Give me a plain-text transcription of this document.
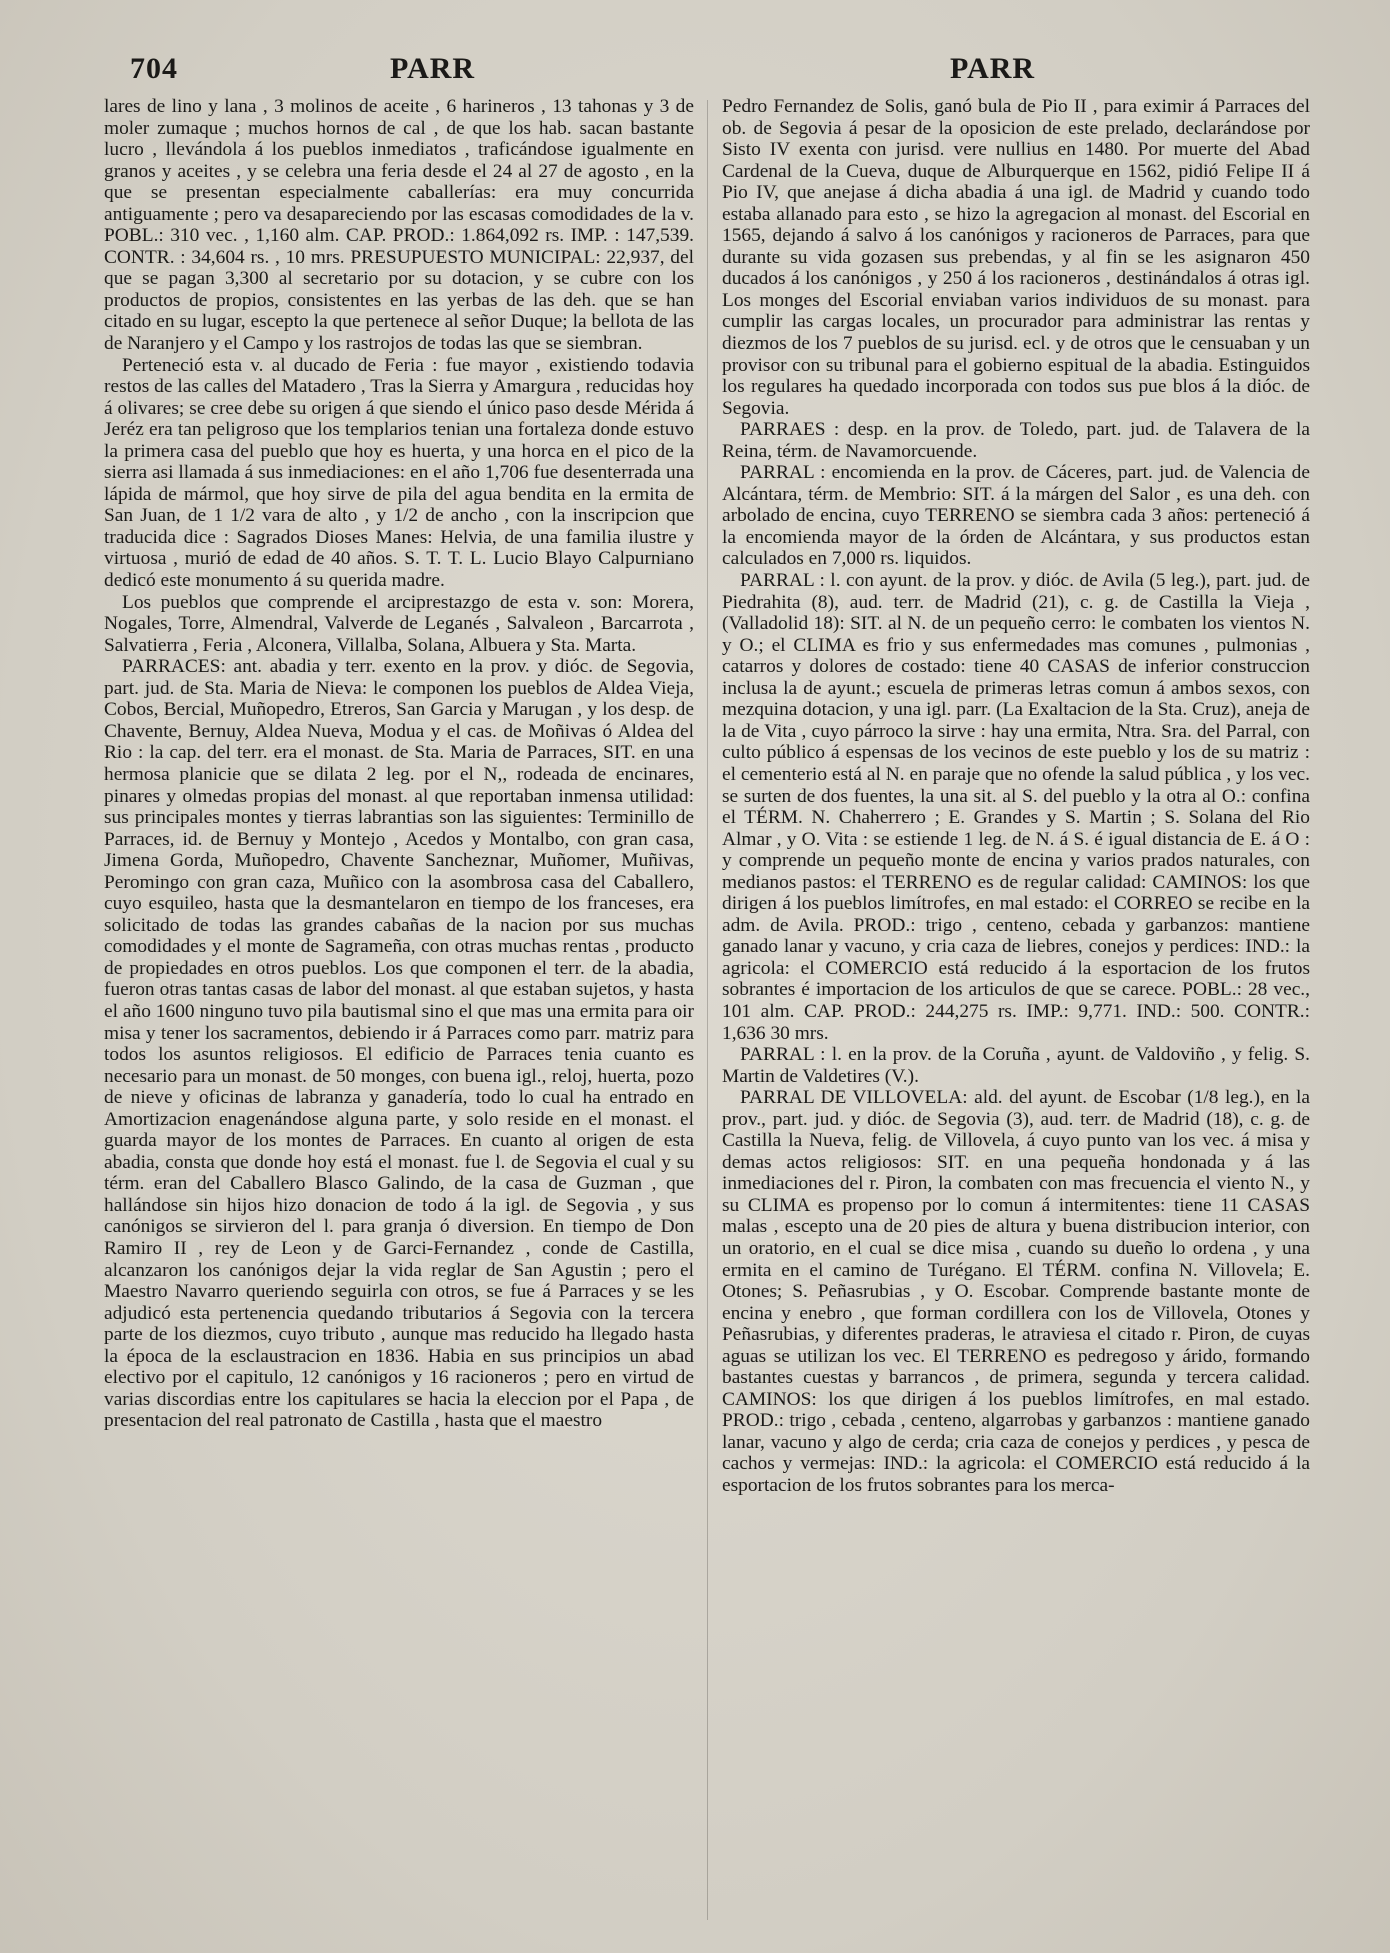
704	PARR	PARR

lares de lino y lana , 3 molinos de aceite , 6 harineros , 13 tahonas y 3 de moler zumaque ; muchos hornos de cal , de que los hab. sacan bastante lucro , llevándola á los pueblos inmediatos , traficándose igualmente en granos y aceites , y se celebra una feria desde el 24 al 27 de agosto , en la que se presentan especialmente caballerías: era muy concurrida antiguamente ; pero va desapareciendo por las escasas comodidades de la v. POBL.: 310 vec. , 1,160 alm. CAP. PROD.: 1.864,092 rs. IMP. : 147,539. CONTR. : 34,604 rs. , 10 mrs. PRESUPUESTO MUNICIPAL: 22,937, del que se pagan 3,300 al secretario por su dotacion, y se cubre con los productos de propios, consistentes en las yerbas de las deh. que se han citado en su lugar, escepto la que pertenece al señor Duque; la bellota de las de Naranjero y el Campo y los rastrojos de todas las que se siembran.

Perteneció esta v. al ducado de Feria : fue mayor , existiendo todavia restos de las calles del Matadero , Tras la Sierra y Amargura , reducidas hoy á olivares; se cree debe su origen á que siendo el único paso desde Mérida á Jeréz era tan peligroso que los templarios tenian una fortaleza donde estuvo la primera casa del pueblo que hoy es huerta, y una horca en el pico de la sierra asi llamada á sus inmediaciones: en el año 1,706 fue desenterrada una lápida de mármol, que hoy sirve de pila del agua bendita en la ermita de San Juan, de 1 1/2 vara de alto , y 1/2 de ancho , con la inscripcion que traducida dice : Sagrados Dioses Manes: Helvia, de una familia ilustre y virtuosa , murió de edad de 40 años. S. T. T. L. Lucio Blayo Calpurniano dedicó este monumento á su querida madre.

Los pueblos que comprende el arciprestazgo de esta v. son: Morera, Nogales, Torre, Almendral, Valverde de Leganés , Salvaleon , Barcarrota , Salvatierra , Feria , Alconera, Villalba, Solana, Albuera y Sta. Marta.

PARRACES: ant. abadia y terr. exento en la prov. y dióc. de Segovia, part. jud. de Sta. Maria de Nieva: le componen los pueblos de Aldea Vieja, Cobos, Bercial, Muñopedro, Etreros, San Garcia y Marugan , y los desp. de Chavente, Bernuy, Aldea Nueva, Modua y el cas. de Moñivas ó Aldea del Rio : la cap. del terr. era el monast. de Sta. Maria de Parraces, SIT. en una hermosa planicie que se dilata 2 leg. por el N,, rodeada de encinares, pinares y olmedas propias del monast. al que reportaban inmensa utilidad: sus principales montes y tierras labrantias son las siguientes: Terminillo de Parraces, id. de Bernuy y Montejo , Acedos y Montalbo, con gran casa, Jimena Gorda, Muñopedro, Chavente Sancheznar, Muñomer, Muñivas, Peromingo con gran caza, Muñico con la asombrosa casa del Caballero, cuyo esquileo, hasta que la desmantelaron en tiempo de los franceses, era solicitado de todas las grandes cabañas de la nacion por sus muchas comodidades y el monte de Sagrameña, con otras muchas rentas , producto de propiedades en otros pueblos. Los que componen el terr. de la abadia, fueron otras tantas casas de labor del monast. al que estaban sujetos, y hasta el año 1600 ninguno tuvo pila bautismal sino el que mas una ermita para oir misa y tener los sacramentos, debiendo ir á Parraces como parr. matriz para todos los asuntos religiosos. El edificio de Parraces tenia cuanto es necesario para un monast. de 50 monges, con buena igl., reloj, huerta, pozo de nieve y oficinas de labranza y ganadería, todo lo cual ha entrado en Amortizacion enagenándose alguna parte, y solo reside en el monast. el guarda mayor de los montes de Parraces. En cuanto al origen de esta abadia, consta que donde hoy está el monast. fue l. de Segovia el cual y su térm. eran del Caballero Blasco Galindo, de la casa de Guzman , que hallándose sin hijos hizo donacion de todo á la igl. de Segovia , y sus canónigos se sirvieron del l. para granja ó diversion. En tiempo de Don Ramiro II , rey de Leon y de Garci-Fernandez , conde de Castilla, alcanzaron los canónigos dejar la vida reglar de San Agustin ; pero el Maestro Navarro queriendo seguirla con otros, se fue á Parraces y se les adjudicó esta pertenencia quedando tributarios á Segovia con la tercera parte de los diezmos, cuyo tributo , aunque mas reducido ha llegado hasta la época de la esclaustracion en 1836. Habia en sus principios un abad electivo por el capitulo, 12 canónigos y 16 racioneros ; pero en virtud de varias discordias entre los capitulares se hacia la eleccion por el Papa , de presentacion del real patronato de Castilla , hasta que el maestro

Pedro Fernandez de Solis, ganó bula de Pio II , para eximir á Parraces del ob. de Segovia á pesar de la oposicion de este prelado, declarándose por Sisto IV exenta con jurisd. vere nullius en 1480. Por muerte del Abad Cardenal de la Cueva, duque de Alburquerque en 1562, pidió Felipe II á Pio IV, que anejase á dicha abadia á una igl. de Madrid y cuando todo estaba allanado para esto , se hizo la agregacion al monast. del Escorial en 1565, dejando á salvo á los canónigos y racioneros de Parraces, para que durante su vida gozasen sus prebendas, y al fin se les asignaron 450 ducados á los canónigos , y 250 á los racioneros , destinándalos á otras igl. Los monges del Escorial enviaban varios individuos de su monast. para cumplir las cargas locales, un procurador para administrar las rentas y diezmos de los 7 pueblos de su jurisd. ecl. y de otros que le censuaban y un provisor con su tribunal para el gobierno espitual de la abadia. Estinguidos los regulares ha quedado incorporada con todos sus pue blos á la dióc. de Segovia.

PARRAES : desp. en la prov. de Toledo, part. jud. de Talavera de la Reina, térm. de Navamorcuende.

PARRAL : encomienda en la prov. de Cáceres, part. jud. de Valencia de Alcántara, térm. de Membrio: SIT. á la márgen del Salor , es una deh. con arbolado de encina, cuyo TERRENO se siembra cada 3 años: perteneció á la encomienda mayor de la órden de Alcántara, y sus productos estan calculados en 7,000 rs. liquidos.

PARRAL : l. con ayunt. de la prov. y dióc. de Avila (5 leg.), part. jud. de Piedrahita (8), aud. terr. de Madrid (21), c. g. de Castilla la Vieja , (Valladolid 18): SIT. al N. de un pequeño cerro: le combaten los vientos N. y O.; el CLIMA es frio y sus enfermedades mas comunes , pulmonias , catarros y dolores de costado: tiene 40 CASAS de inferior construccion inclusa la de ayunt.; escuela de primeras letras comun á ambos sexos, con mezquina dotacion, y una igl. parr. (La Exaltacion de la Sta. Cruz), aneja de la de Vita , cuyo párroco la sirve : hay una ermita, Ntra. Sra. del Parral, con culto público á espensas de los vecinos de este pueblo y los de su matriz : el cementerio está al N. en paraje que no ofende la salud pública , y los vec. se surten de dos fuentes, la una sit. al S. del pueblo y la otra al O.: confina el TÉRM. N. Chaherrero ; E. Grandes y S. Martin ; S. Solana del Rio Almar , y O. Vita : se estiende 1 leg. de N. á S. é igual distancia de E. á O : y comprende un pequeño monte de encina y varios prados naturales, con medianos pastos: el TERRENO es de regular calidad: CAMINOS: los que dirigen á los pueblos limítrofes, en mal estado: el CORREO se recibe en la adm. de Avila. PROD.: trigo , centeno, cebada y garbanzos: mantiene ganado lanar y vacuno, y cria caza de liebres, conejos y perdices: IND.: la agricola: el COMERCIO está reducido á la esportacion de los frutos sobrantes é importacion de los articulos de que se carece. POBL.: 28 vec., 101 alm. CAP. PROD.: 244,275 rs. IMP.: 9,771. IND.: 500. CONTR.: 1,636 30 mrs.

PARRAL : l. en la prov. de la Coruña , ayunt. de Valdoviño , y felig. S. Martin de Valdetires (V.).

PARRAL DE VILLOVELA: ald. del ayunt. de Escobar (1/8 leg.), en la prov., part. jud. y dióc. de Segovia (3), aud. terr. de Madrid (18), c. g. de Castilla la Nueva, felig. de Villovela, á cuyo punto van los vec. á misa y demas actos religiosos: SIT. en una pequeña hondonada y á las inmediaciones del r. Piron, la combaten con mas frecuencia el viento N., y su CLIMA es propenso por lo comun á intermitentes: tiene 11 CASAS malas , escepto una de 20 pies de altura y buena distribucion interior, con un oratorio, en el cual se dice misa , cuando su dueño lo ordena , y una ermita en el camino de Turégano. El TÉRM. confina N. Villovela; E. Otones; S. Peñasrubias , y O. Escobar. Comprende bastante monte de encina y enebro , que forman cordillera con los de Villovela, Otones y Peñasrubias, y diferentes praderas, le atraviesa el citado r. Piron, de cuyas aguas se utilizan los vec. El TERRENO es pedregoso y árido, formando bastantes cuestas y barrancos , de primera, segunda y tercera calidad. CAMINOS: los que dirigen á los pueblos limítrofes, en mal estado. PROD.: trigo , cebada , centeno, algarrobas y garbanzos : mantiene ganado lanar, vacuno y algo de cerda; cria caza de conejos y perdices , y pesca de cachos y vermejas: IND.: la agricola: el COMERCIO está reducido á la esportacion de los frutos sobrantes para los merca-
